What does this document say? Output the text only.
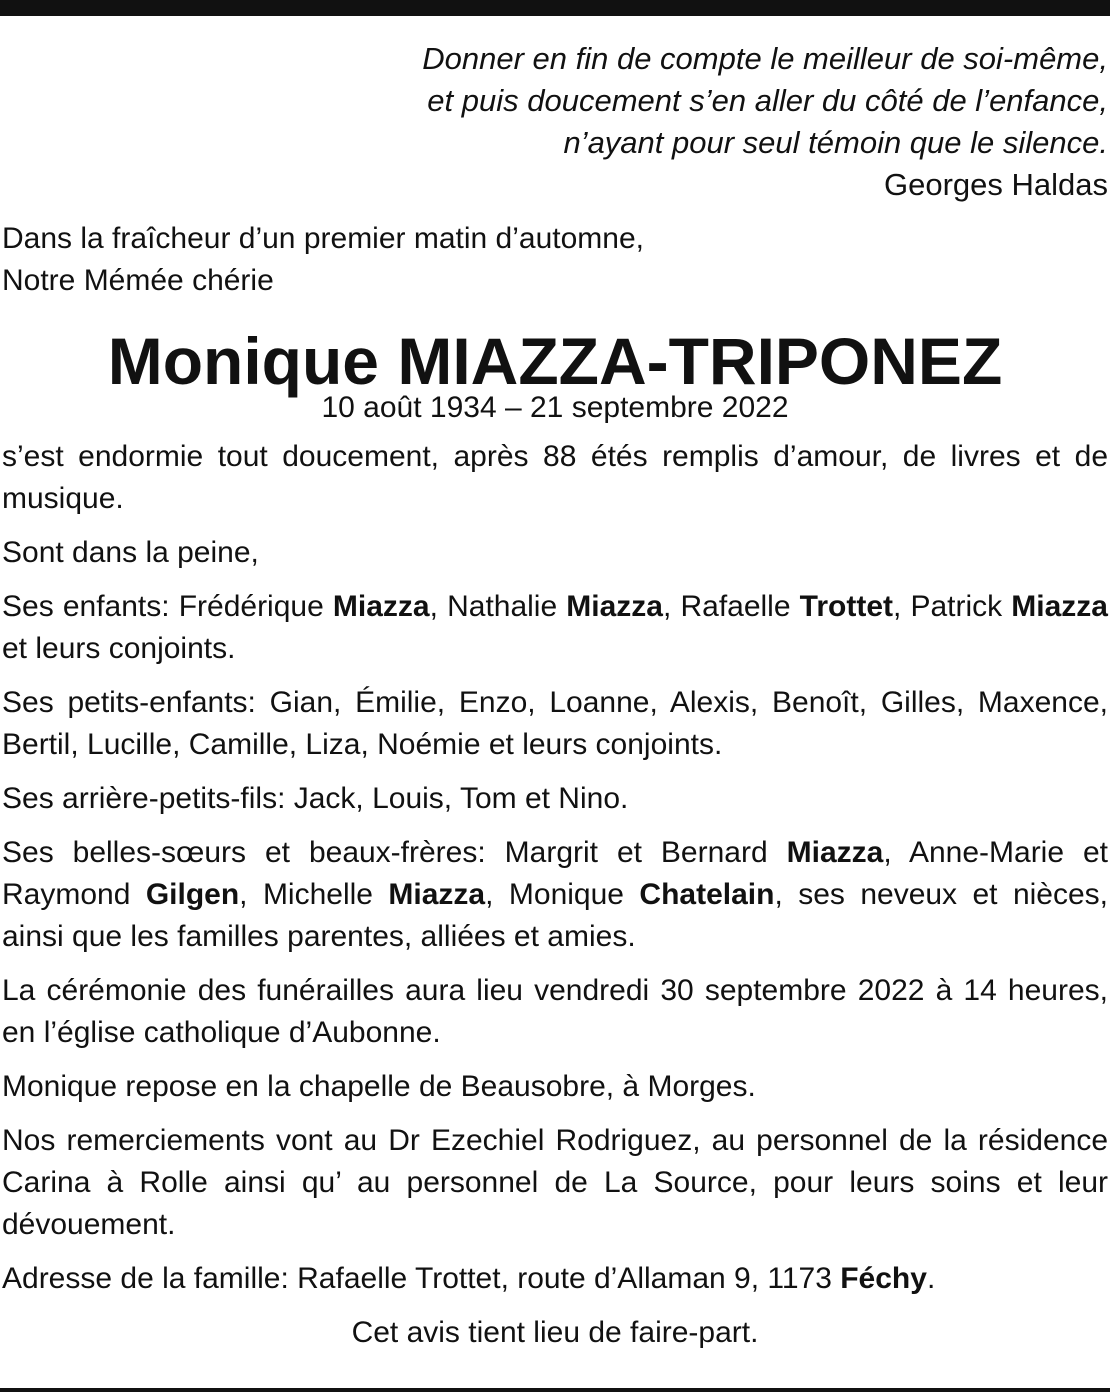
Donner en fin de compte le meilleur de soi-même,
et puis doucement s’en aller du côté de l’enfance,
n’ayant pour seul témoin que le silence.
Georges Haldas
Dans la fraîcheur d’un premier matin d’automne,
Notre Mémée chérie
Monique MIAZZA-TRIPONEZ
10 août 1934 – 21 septembre 2022

s’est endormie tout doucement, après 88 étés remplis d’amour, de livres et de musique.

Sont dans la peine,

Ses enfants: Frédérique Miazza, Nathalie Miazza, Rafaelle Trottet, Patrick Miazza et leurs conjoints.

Ses petits-enfants: Gian, Émilie, Enzo, Loanne, Alexis, Benoît, Gilles, Maxence, Bertil, Lucille, Camille, Liza, Noémie et leurs conjoints.

Ses arrière-petits-fils: Jack, Louis, Tom et Nino.

Ses belles-sœurs et beaux-frères: Margrit et Bernard Miazza, Anne-Marie et Raymond Gilgen, Michelle Miazza, Monique Chatelain, ses neveux et nièces, ainsi que les familles parentes, alliées et amies.

La cérémonie des funérailles aura lieu vendredi 30 septembre 2022 à 14 heures, en l’église catholique d’Aubonne.

Monique repose en la chapelle de Beausobre, à Morges.

Nos remerciements vont au Dr Ezechiel Rodriguez, au personnel de la résidence Carina à Rolle ainsi qu’ au personnel de La Source, pour leurs soins et leur dévouement.

Adresse de la famille: Rafaelle Trottet, route d’Allaman 9, 1173 Féchy.

Cet avis tient lieu de faire-part.
